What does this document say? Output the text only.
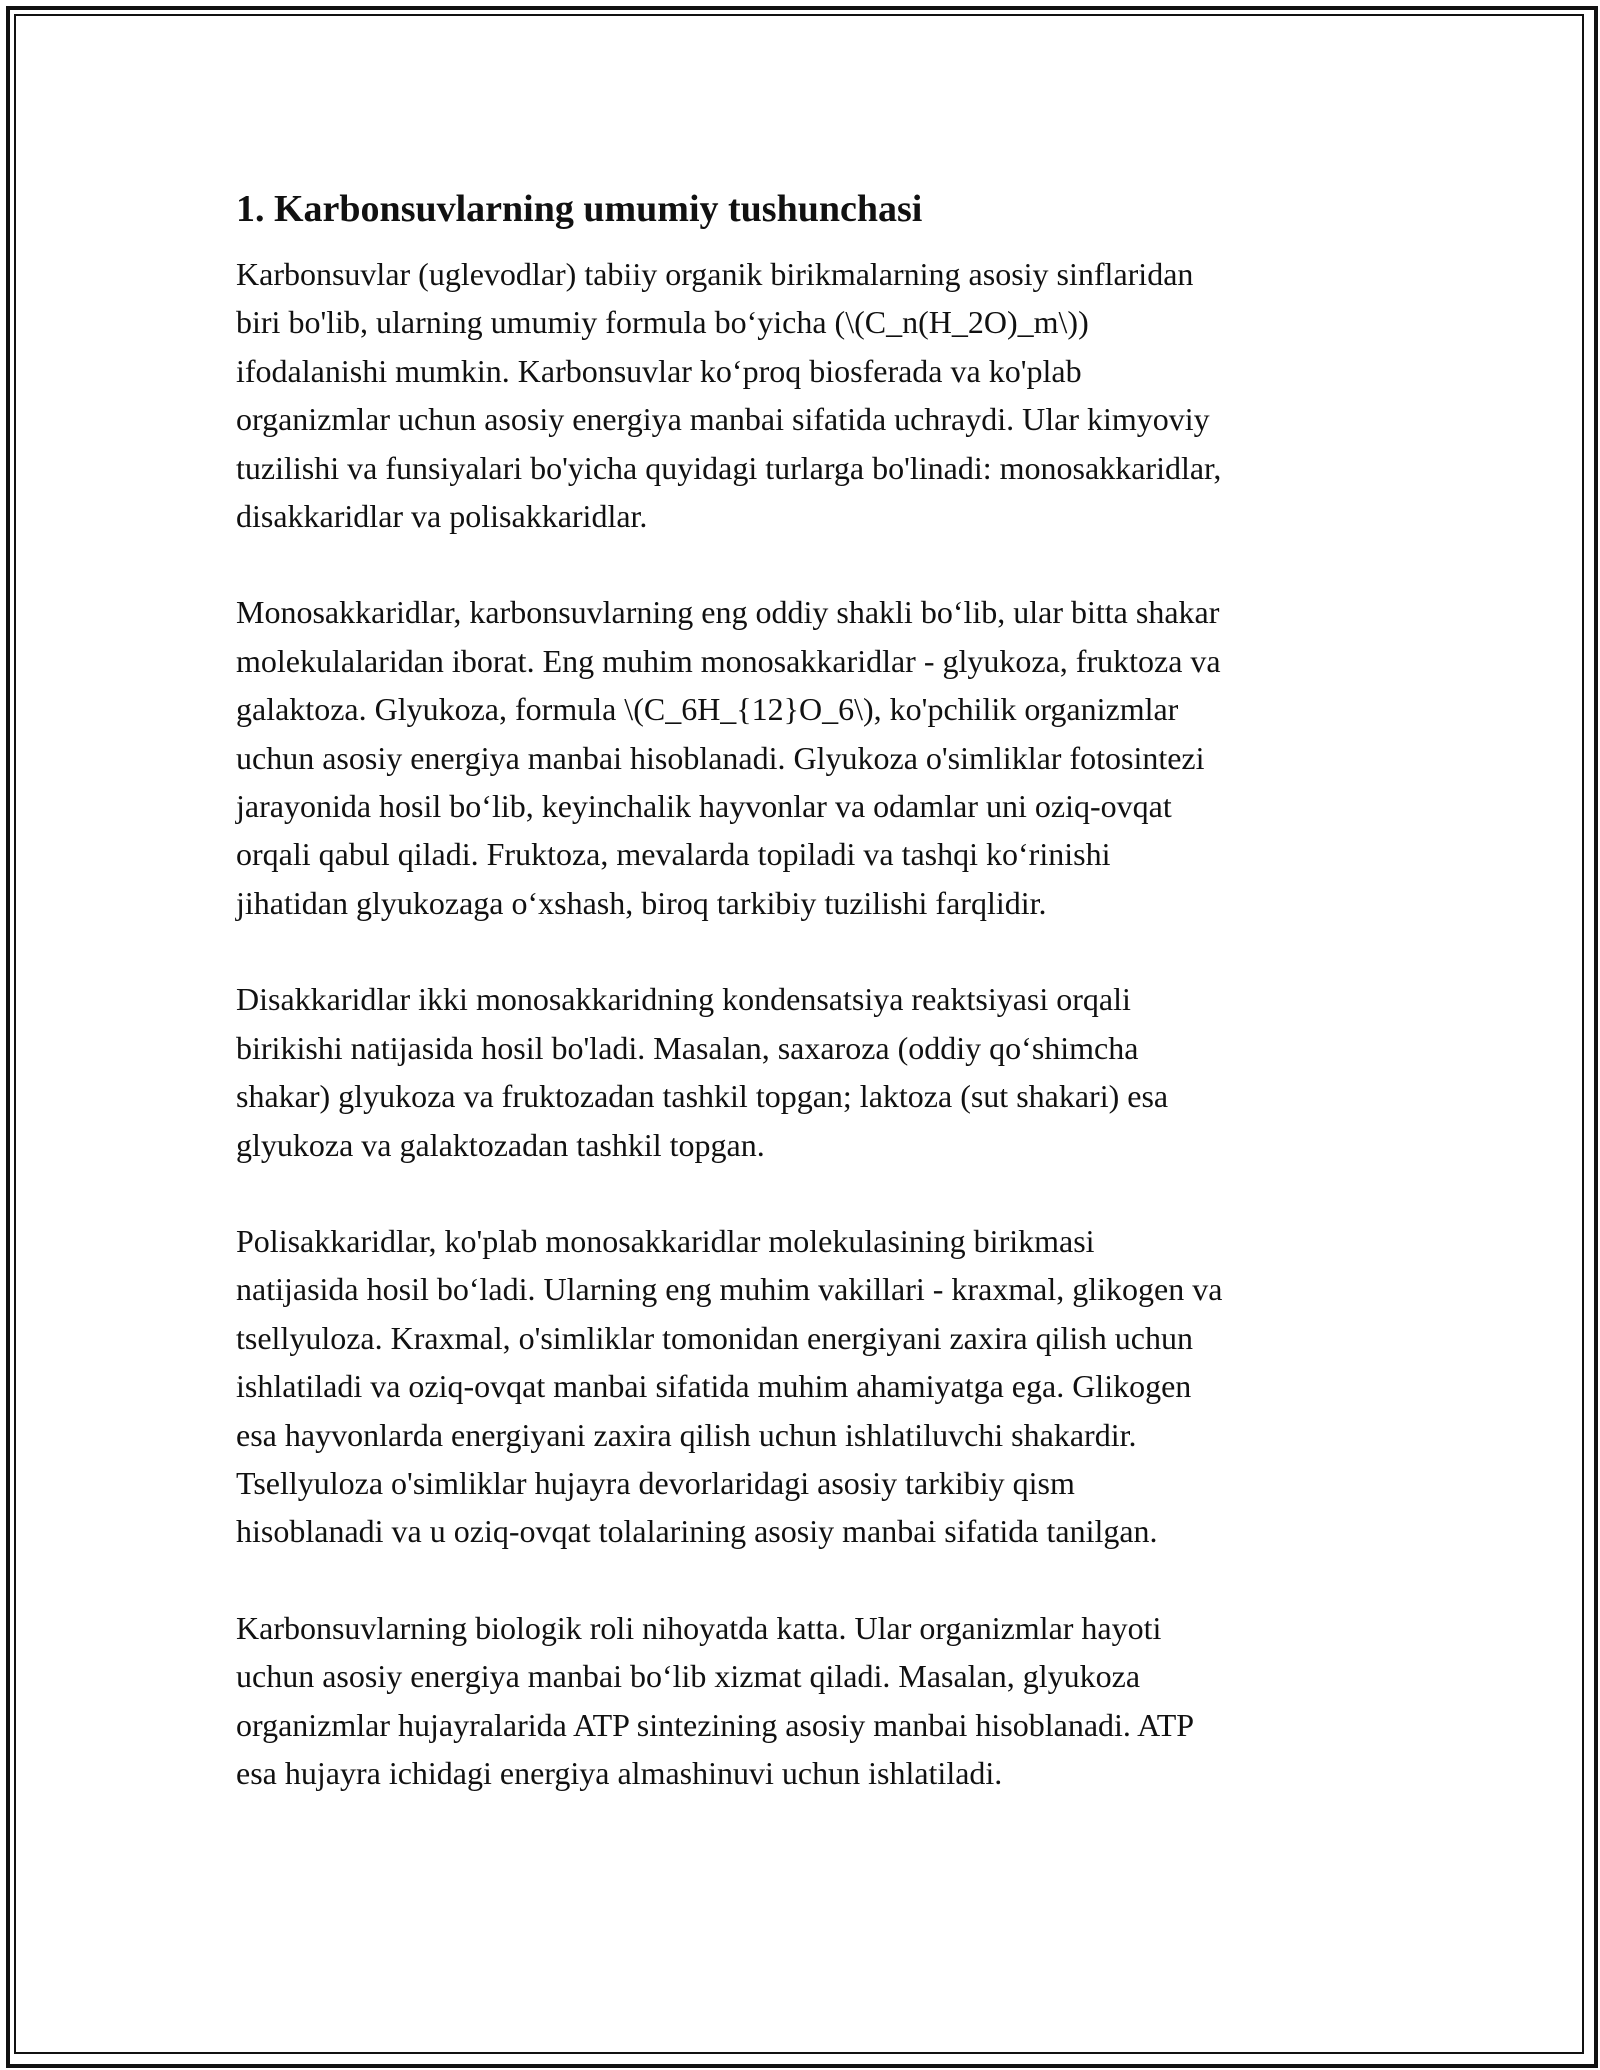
1. Karbonsuvlarning umumiy tushunchasi

Karbonsuvlar (uglevodlar) tabiiy organik birikmalarning asosiy sinflaridan
biri bo'lib, ularning umumiy formula bo‘yicha (\(C_n(H_2O)_m\))
ifodalanishi mumkin. Karbonsuvlar ko‘proq biosferada va ko'plab
organizmlar uchun asosiy energiya manbai sifatida uchraydi. Ular kimyoviy
tuzilishi va funsiyalari bo'yicha quyidagi turlarga bo'linadi: monosakkaridlar,
disakkaridlar va polisakkaridlar.

Monosakkaridlar, karbonsuvlarning eng oddiy shakli bo‘lib, ular bitta shakar
molekulalaridan iborat. Eng muhim monosakkaridlar - glyukoza, fruktoza va
galaktoza. Glyukoza, formula \(C_6H_{12}O_6\), ko'pchilik organizmlar
uchun asosiy energiya manbai hisoblanadi. Glyukoza o'simliklar fotosintezi
jarayonida hosil bo‘lib, keyinchalik hayvonlar va odamlar uni oziq-ovqat
orqali qabul qiladi. Fruktoza, mevalarda topiladi va tashqi ko‘rinishi
jihatidan glyukozaga o‘xshash, biroq tarkibiy tuzilishi farqlidir.

Disakkaridlar ikki monosakkaridning kondensatsiya reaktsiyasi orqali
birikishi natijasida hosil bo'ladi. Masalan, saxaroza (oddiy qo‘shimcha
shakar) glyukoza va fruktozadan tashkil topgan; laktoza (sut shakari) esa
glyukoza va galaktozadan tashkil topgan.

Polisakkaridlar, ko'plab monosakkaridlar molekulasining birikmasi
natijasida hosil bo‘ladi. Ularning eng muhim vakillari - kraxmal, glikogen va
tsellyuloza. Kraxmal, o'simliklar tomonidan energiyani zaxira qilish uchun
ishlatiladi va oziq-ovqat manbai sifatida muhim ahamiyatga ega. Glikogen
esa hayvonlarda energiyani zaxira qilish uchun ishlatiluvchi shakardir.
Tsellyuloza o'simliklar hujayra devorlaridagi asosiy tarkibiy qism
hisoblanadi va u oziq-ovqat tolalarining asosiy manbai sifatida tanilgan.

Karbonsuvlarning biologik roli nihoyatda katta. Ular organizmlar hayoti
uchun asosiy energiya manbai bo‘lib xizmat qiladi. Masalan, glyukoza
organizmlar hujayralarida ATP sintezining asosiy manbai hisoblanadi. ATP
esa hujayra ichidagi energiya almashinuvi uchun ishlatiladi.
